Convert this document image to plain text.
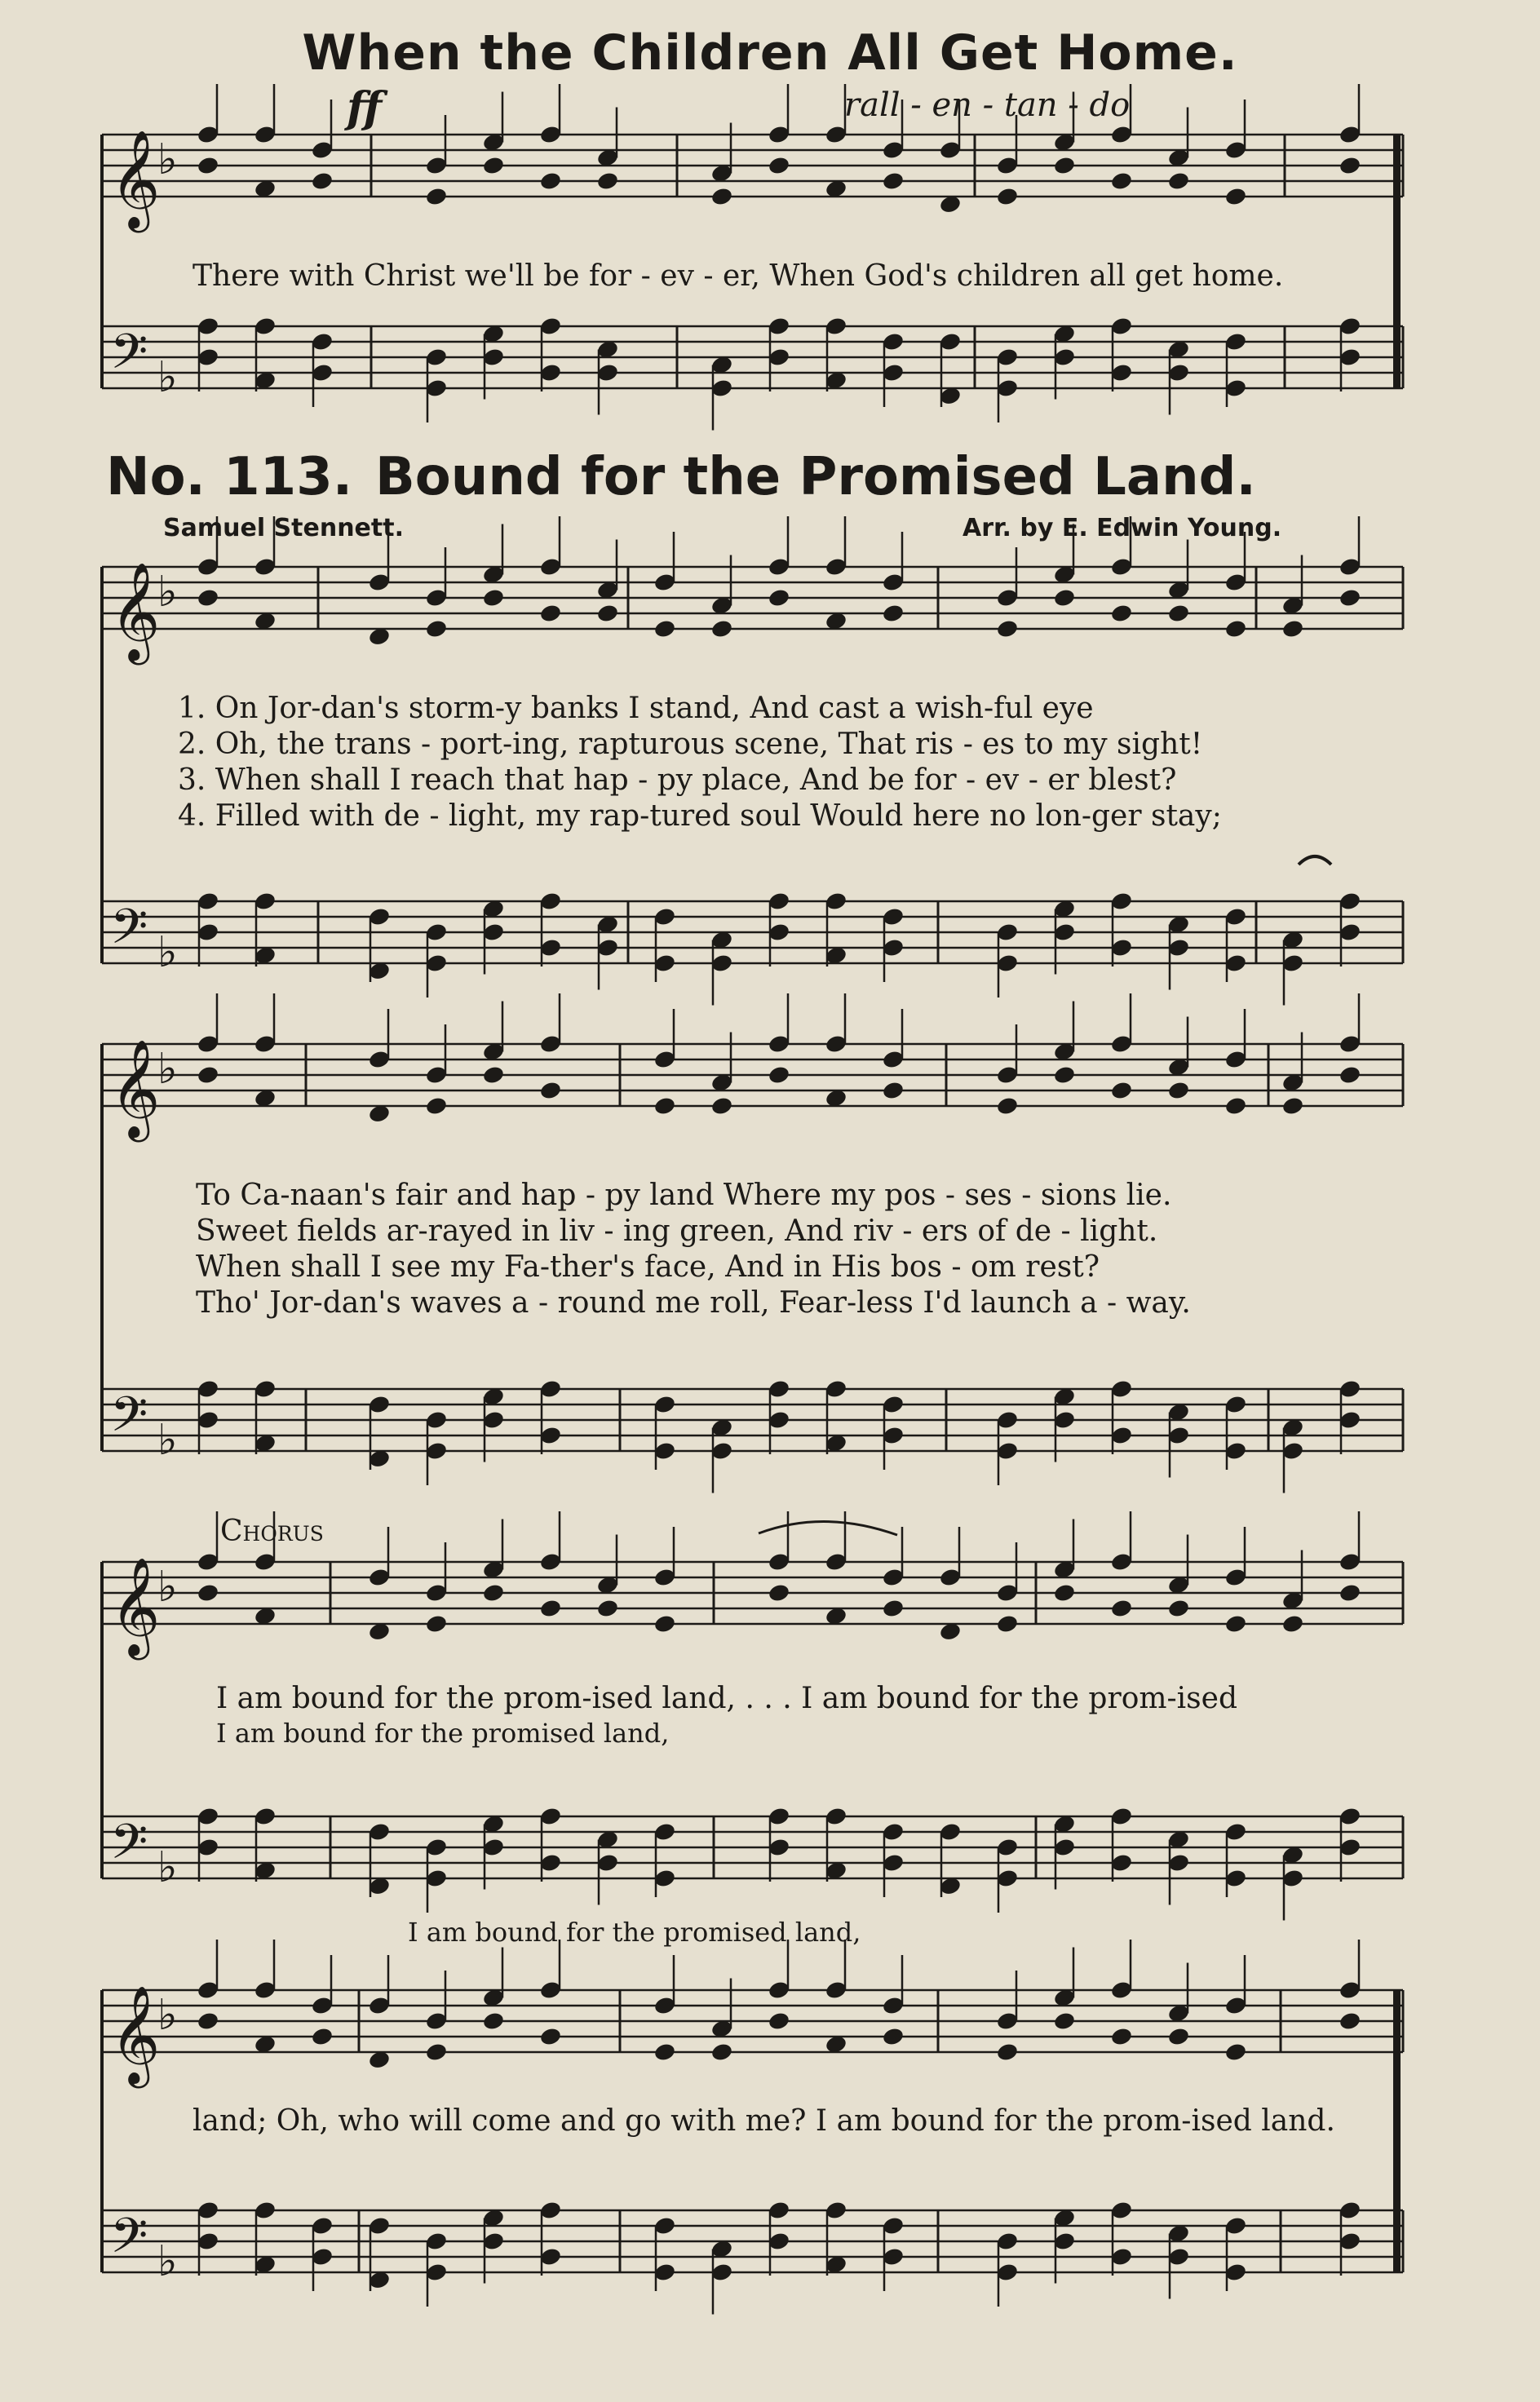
When the Children All Get Home.
ff	rall - en - tan - do
There with Christ we'll be for - ev - er, When God's children all get home.
No. 113. Bound for the Promised Land.
Samuel Stennett.	Arr. by E. Edwin Young.
1. On Jor-dan's storm-y banks I stand, And cast a wish-ful eye
2. Oh, the trans - port-ing, rapturous scene, That ris - es to my sight!
3. When shall I reach that hap - py place, And be for - ev - er blest?
4. Filled with de - light, my rap-tured soul Would here no lon-ger stay;
To Ca-naan's fair and hap - py land Where my pos - ses - sions lie.
Sweet fields ar-rayed in liv - ing green, And riv - ers of de - light.
When shall I see my Fa-ther's face, And in His bos - om rest?
Tho' Jor-dan's waves a - round me roll, Fear-less I'd launch a - way.
Chorus
I am bound for the prom-ised land, . . . I am bound for the prom-ised
I am bound for the promised land,
I am bound for the promised land,
land; Oh, who will come and go with me? I am bound for the prom-ised land.
𝄞
♭
𝄢 ♭
𝄞
♭
𝄢 ♭
𝄞
♭
𝄢 ♭
𝄞
♭
𝄢 ♭
𝄞
♭
𝄢 ♭
